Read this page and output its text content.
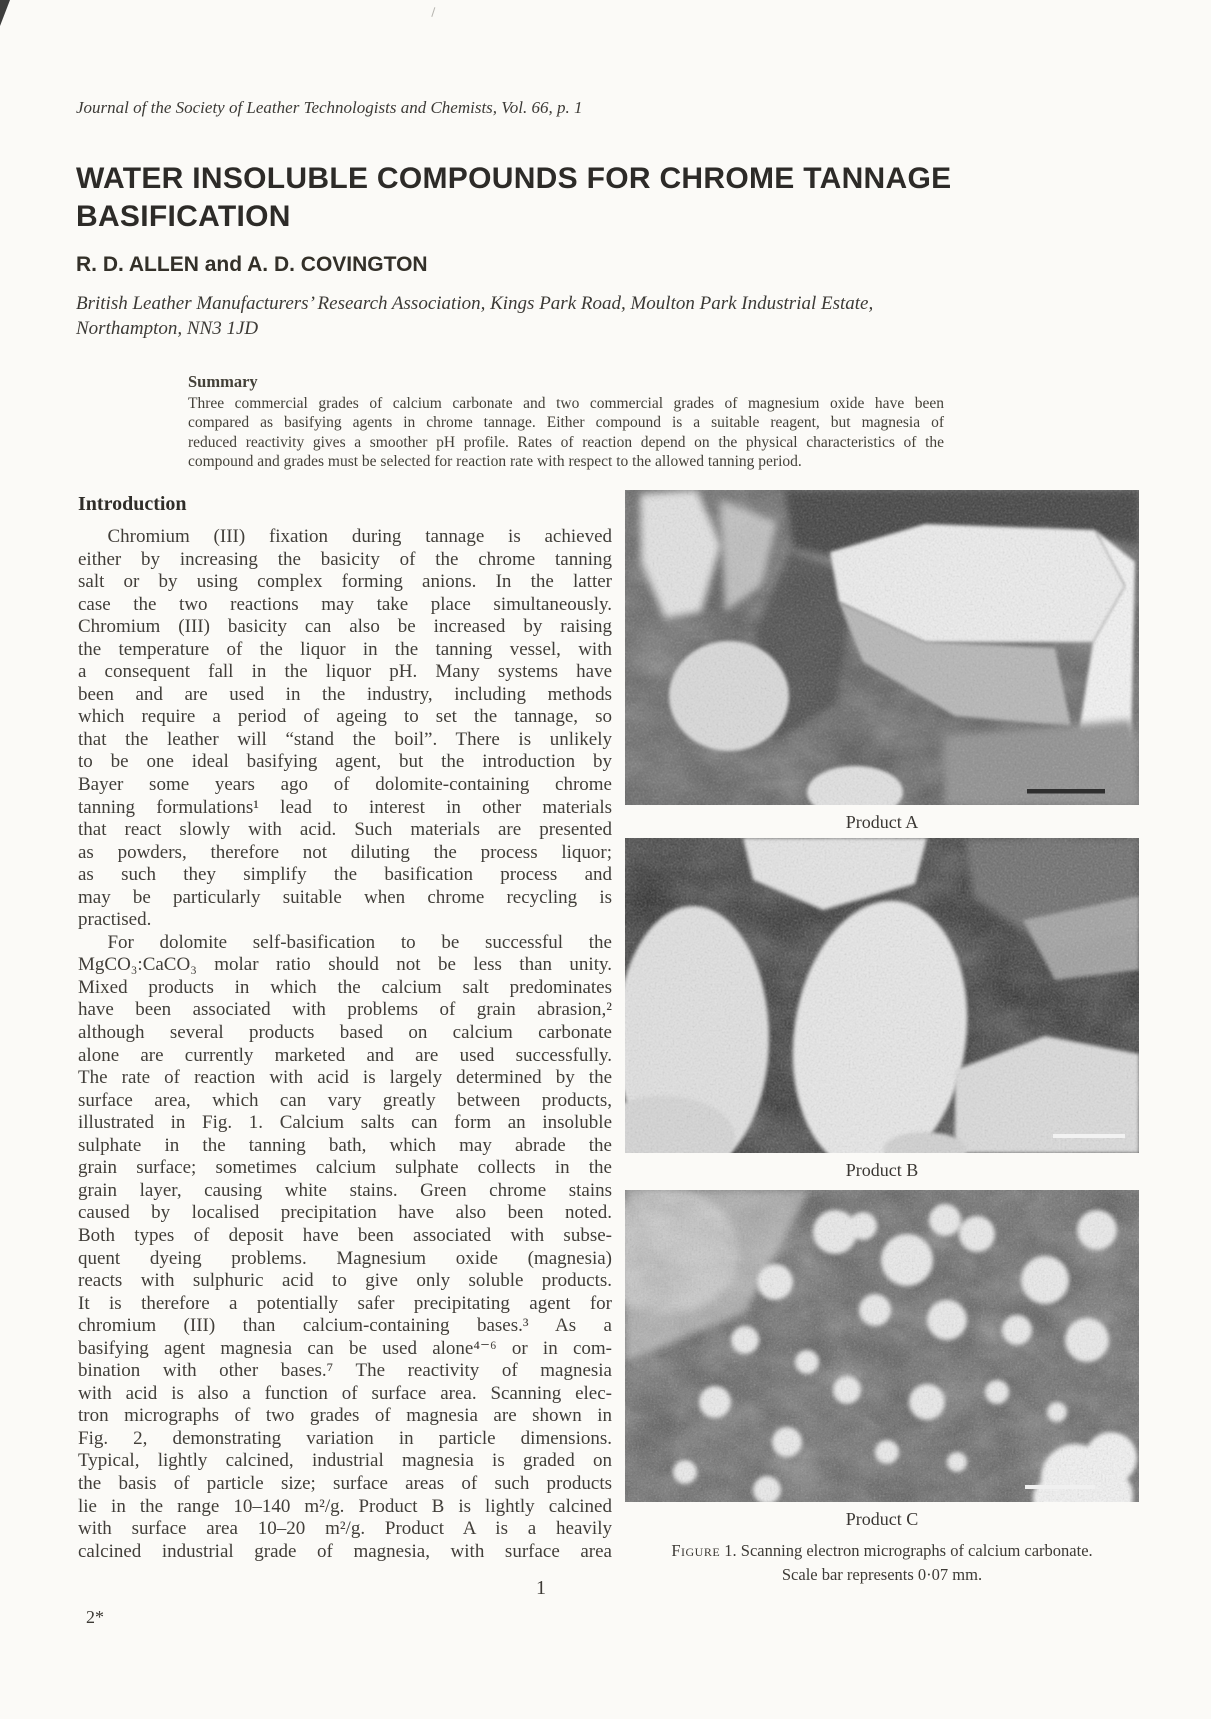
Journal of the Society of Leather Technologists and Chemists, Vol. 66, p. 1
WATER INSOLUBLE COMPOUNDS FOR CHROME TANNAGE
BASIFICATION
R. D. ALLEN and A. D. COVINGTON
British Leather Manufacturers’ Research Association, Kings Park Road, Moulton Park Industrial Estate,
Northampton, NN3 1JD
Summary
Three commercial grades of calcium carbonate and two commercial grades of magnesium oxide have been
compared as basifying agents in chrome tannage. Either compound is a suitable reagent, but magnesia of
reduced reactivity gives a smoother pH profile. Rates of reaction depend on the physical characteristics of the
compound and grades must be selected for reaction rate with respect to the allowed tanning period.
Introduction
Chromium (III) fixation during tannage is achieved
either by increasing the basicity of the chrome tanning
salt or by using complex forming anions. In the latter
case the two reactions may take place simultaneously.
Chromium (III) basicity can also be increased by raising
the temperature of the liquor in the tanning vessel, with
a consequent fall in the liquor pH. Many systems have
been and are used in the industry, including methods
which require a period of ageing to set the tannage, so
that the leather will “stand the boil”. There is unlikely
to be one ideal basifying agent, but the introduction by
Bayer some years ago of dolomite-containing chrome
tanning formulations¹ lead to interest in other materials
that react slowly with acid. Such materials are presented
as powders, therefore not diluting the process liquor;
as such they simplify the basification process and
may be particularly suitable when chrome recycling is
practised.
For dolomite self-basification to be successful the
MgCO₃:CaCO₃ molar ratio should not be less than unity.
Mixed products in which the calcium salt predominates
have been associated with problems of grain abrasion,²
although several products based on calcium carbonate
alone are currently marketed and are used successfully.
The rate of reaction with acid is largely determined by the
surface area, which can vary greatly between products,
illustrated in Fig. 1. Calcium salts can form an insoluble
sulphate in the tanning bath, which may abrade the
grain surface; sometimes calcium sulphate collects in the
grain layer, causing white stains. Green chrome stains
caused by localised precipitation have also been noted.
Both types of deposit have been associated with subse-
quent dyeing problems. Magnesium oxide (magnesia)
reacts with sulphuric acid to give only soluble products.
It is therefore a potentially safer precipitating agent for
chromium (III) than calcium-containing bases.³ As a
basifying agent magnesia can be used alone⁴⁻⁶ or in com-
bination with other bases.⁷ The reactivity of magnesia
with acid is also a function of surface area. Scanning elec-
tron micrographs of two grades of magnesia are shown in
Fig. 2, demonstrating variation in particle dimensions.
Typical, lightly calcined, industrial magnesia is graded on
the basis of particle size; surface areas of such products
lie in the range 10–140 m²/g. Product B is lightly calcined
with surface area 10–20 m²/g. Product A is a heavily
calcined industrial grade of magnesia, with surface area
Product A
Product B
Product C
Figure 1. Scanning electron micrographs of calcium carbonate.
Scale bar represents 0·07 mm.
1
2*
